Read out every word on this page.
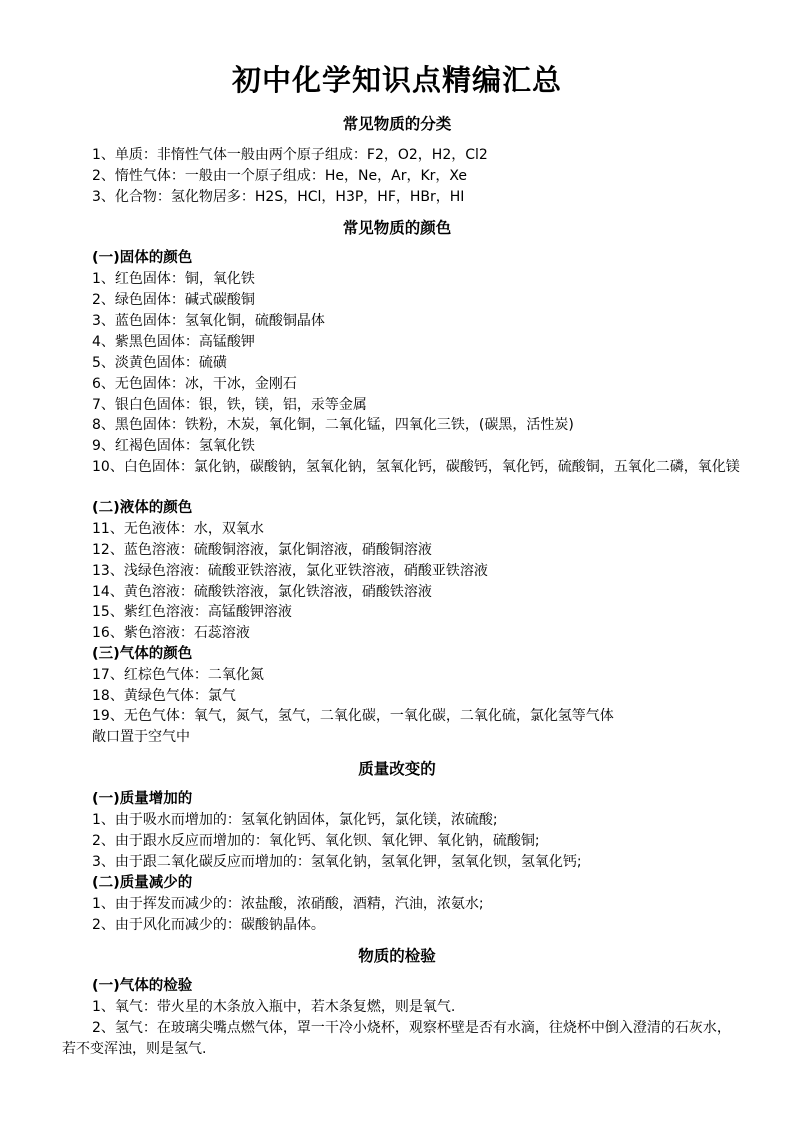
初中化学知识点精编汇总
常见物质的分类

1、单质：非惰性气体一般由两个原子组成：F2，O2，H2，Cl2

2、惰性气体：一般由一个原子组成：He，Ne，Ar，Kr，Xe

3、化合物：氢化物居多：H2S，HCl，H3P，HF，HBr，HI

常见物质的颜色

(一)固体的颜色

1、红色固体：铜，氧化铁

2、绿色固体：碱式碳酸铜

3、蓝色固体：氢氧化铜，硫酸铜晶体

4、紫黑色固体：高锰酸钾

5、淡黄色固体：硫磺

6、无色固体：冰，干冰，金刚石

7、银白色固体：银，铁，镁，铝，汞等金属

8、黑色固体：铁粉，木炭，氧化铜，二氧化锰，四氧化三铁，(碳黑，活性炭)

9、红褐色固体：氢氧化铁

10、白色固体：氯化钠，碳酸钠，氢氧化钠，氢氧化钙，碳酸钙，氧化钙，硫酸铜，五氧化二磷，氧化镁

(二)液体的颜色

11、无色液体：水，双氧水

12、蓝色溶液：硫酸铜溶液，氯化铜溶液，硝酸铜溶液

13、浅绿色溶液：硫酸亚铁溶液，氯化亚铁溶液，硝酸亚铁溶液

14、黄色溶液：硫酸铁溶液，氯化铁溶液，硝酸铁溶液

15、紫红色溶液：高锰酸钾溶液

16、紫色溶液：石蕊溶液

(三)气体的颜色

17、红棕色气体：二氧化氮

18、黄绿色气体：氯气

19、无色气体：氧气，氮气，氢气，二氧化碳，一氧化碳，二氧化硫，氯化氢等气体

敞口置于空气中

质量改变的

(一)质量增加的

1、由于吸水而增加的：氢氧化钠固体，氯化钙，氯化镁，浓硫酸;

2、由于跟水反应而增加的：氧化钙、氧化钡、氧化钾、氧化钠，硫酸铜;

3、由于跟二氧化碳反应而增加的：氢氧化钠，氢氧化钾，氢氧化钡，氢氧化钙;

(二)质量减少的

1、由于挥发而减少的：浓盐酸，浓硝酸，酒精，汽油，浓氨水;

2、由于风化而减少的：碳酸钠晶体。

物质的检验

(一)气体的检验

1、氧气：带火星的木条放入瓶中，若木条复燃，则是氧气.

2、氢气：在玻璃尖嘴点燃气体，罩一干冷小烧杯，观察杯壁是否有水滴，往烧杯中倒入澄清的石灰水，若不变浑浊，则是氢气.
